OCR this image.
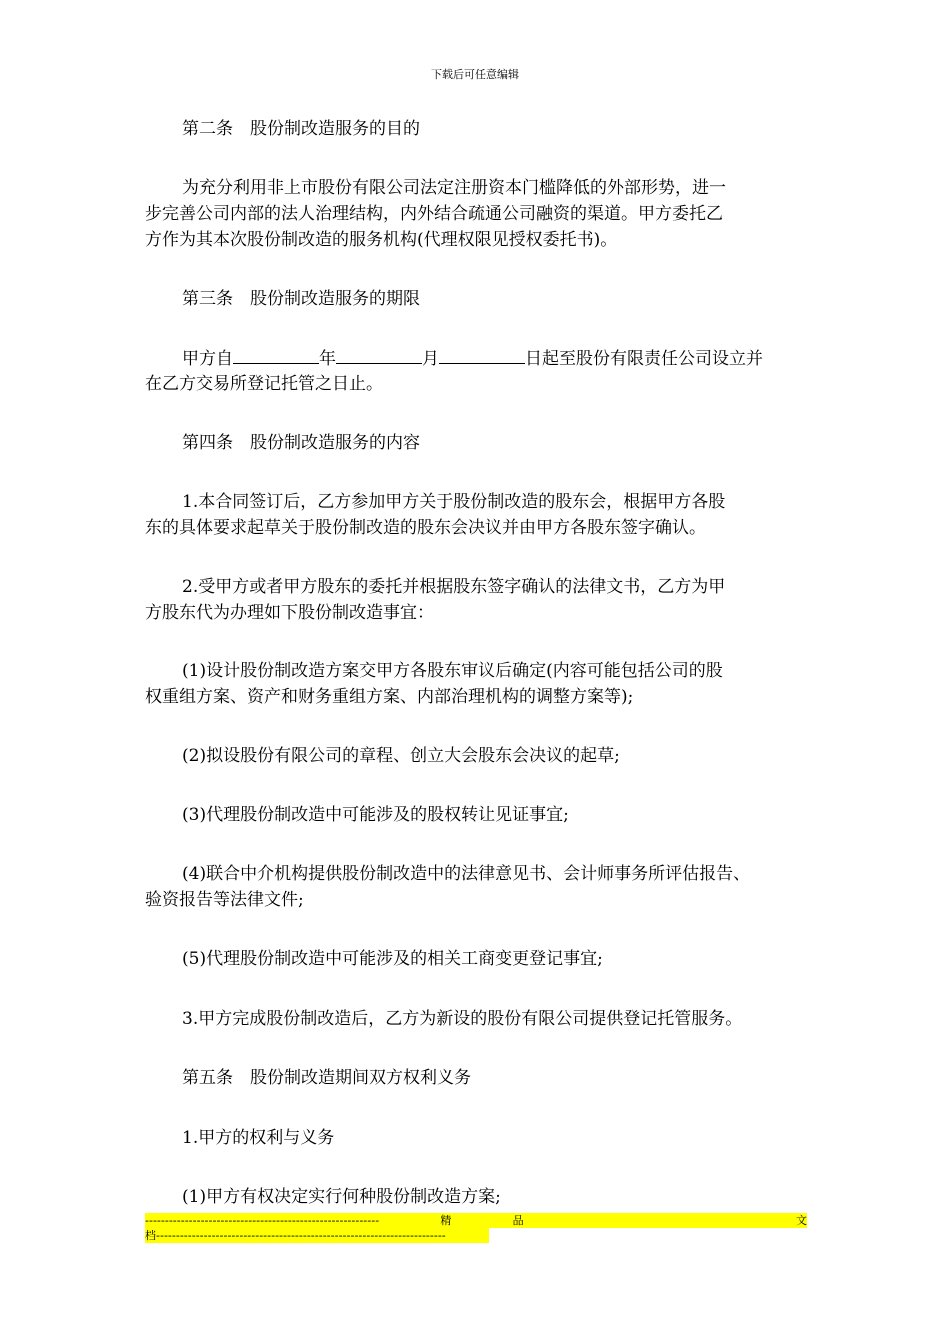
下载后可任意编辑
第二条　股份制改造服务的目的
为充分利用非上市股份有限公司法定注册资本门槛降低的外部形势，进一
步完善公司内部的法人治理结构，内外结合疏通公司融资的渠道。甲方委托乙
方作为其本次股份制改造的服务机构(代理权限见授权委托书)。
第三条　股份制改造服务的期限
甲方自	年	月	日起至股份有限责任公司设立并
在乙方交易所登记托管之日止。
第四条　股份制改造服务的内容
1.本合同签订后，乙方参加甲方关于股份制改造的股东会，根据甲方各股
东的具体要求起草关于股份制改造的股东会决议并由甲方各股东签字确认。
2.受甲方或者甲方股东的委托并根据股东签字确认的法律文书，乙方为甲
方股东代为办理如下股份制改造事宜：
(1)设计股份制改造方案交甲方各股东审议后确定(内容可能包括公司的股
权重组方案、资产和财务重组方案、内部治理机构的调整方案等);
(2)拟设股份有限公司的章程、创立大会股东会决议的起草;
(3)代理股份制改造中可能涉及的股权转让见证事宜;
(4)联合中介机构提供股份制改造中的法律意见书、会计师事务所评估报告、
验资报告等法律文件;
(5)代理股份制改造中可能涉及的相关工商变更登记事宜;
3.甲方完成股份制改造后，乙方为新设的股份有限公司提供登记托管服务。
第五条　股份制改造期间双方权利义务
1.甲方的权利与义务
(1)甲方有权决定实行何种股份制改造方案;
-----------------------------------------------------------	精	品	文
档-------------------------------------------------------------------------
